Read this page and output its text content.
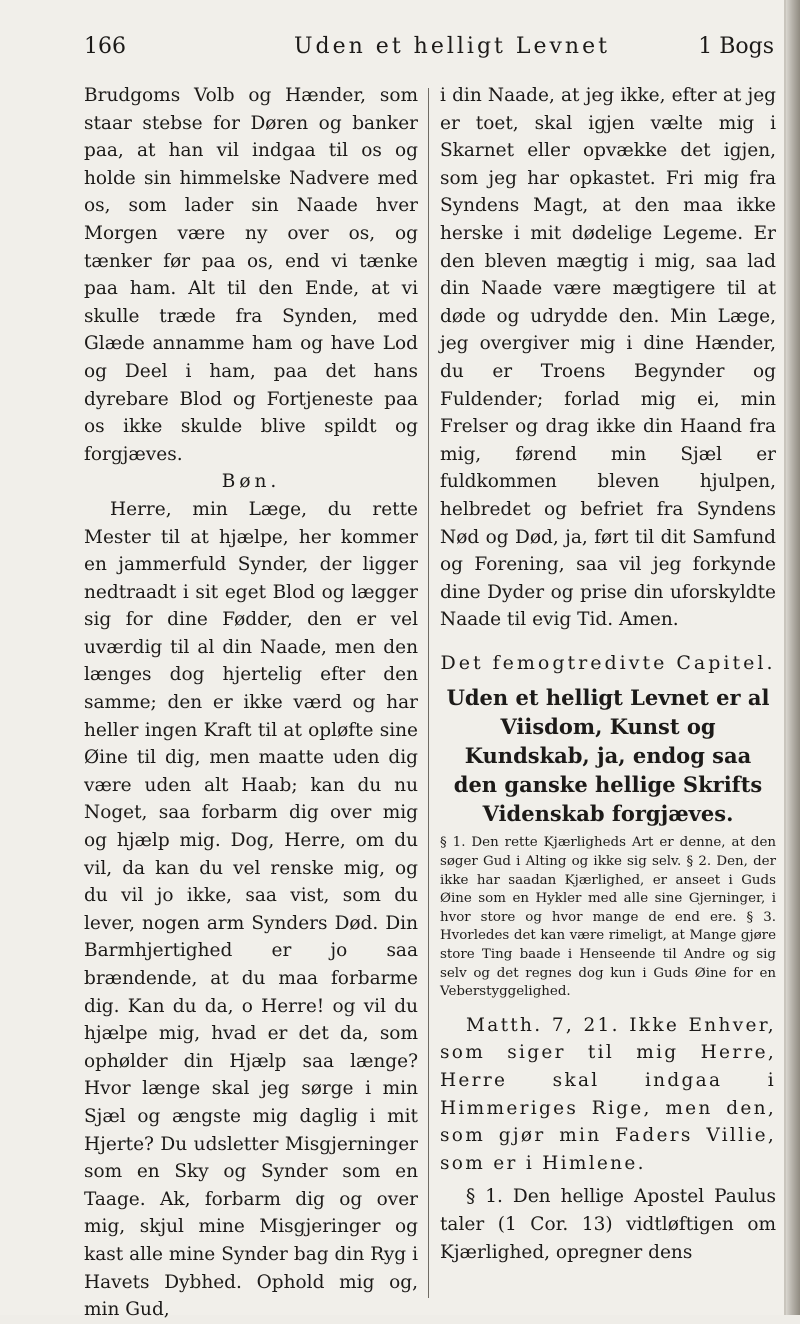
166	Uden et helligt Levnet	1 Bogs

Brudgoms Volb og Hænder, som staar stebse for Døren og banker paa, at han vil indgaa til os og holde sin himmelske Nadvere med os, som lader sin Naade hver Morgen være ny over os, og tænker før paa os, end vi tænke paa ham. Alt til den Ende, at vi skulle træde fra Synden, med Glæde annamme ham og have Lod og Deel i ham, paa det hans dyrebare Blod og Fortjeneste paa os ikke skulde blive spildt og forgjæves.

Bøn.

Herre, min Læge, du rette Mester til at hjælpe, her kommer en jammerfuld Synder, der ligger nedtraadt i sit eget Blod og lægger sig for dine Fødder, den er vel uværdig til al din Naade, men den længes dog hjertelig efter den samme; den er ikke værd og har heller ingen Kraft til at opløfte sine Øine til dig, men maatte uden dig være uden alt Haab; kan du nu Noget, saa forbarm dig over mig og hjælp mig. Dog, Herre, om du vil, da kan du vel renske mig, og du vil jo ikke, saa vist, som du lever, nogen arm Synders Død. Din Barmhjertighed er jo saa brændende, at du maa forbarme dig. Kan du da, o Herre! og vil du hjælpe mig, hvad er det da, som ophølder din Hjælp saa længe? Hvor længe skal jeg sørge i min Sjæl og ængste mig daglig i mit Hjerte? Du udsletter Misgjerninger som en Sky og Synder som en Taage. Ak, forbarm dig og over mig, skjul mine Misgjeringer og kast alle mine Synder bag din Ryg i Havets Dybhed. Ophold mig og, min Gud,

i din Naade, at jeg ikke, efter at jeg er toet, skal igjen vælte mig i Skarnet eller opvække det igjen, som jeg har opkastet. Fri mig fra Syndens Magt, at den maa ikke herske i mit dødelige Legeme. Er den bleven mægtig i mig, saa lad din Naade være mægtigere til at døde og udrydde den. Min Læge, jeg overgiver mig i dine Hænder, du er Troens Begynder og Fuldender; forlad mig ei, min Frelser og drag ikke din Haand fra mig, førend min Sjæl er fuldkommen bleven hjulpen, helbredet og befriet fra Syndens Nød og Død, ja, ført til dit Samfund og Forening, saa vil jeg forkynde dine Dyder og prise din uforskyldte Naade til evig Tid. Amen.

Det femogtredivte Capitel.

Uden et helligt Levnet er al Viisdom, Kunst og Kundskab, ja, endog saa den ganske hellige Skrifts Videnskab forgjæves.

§ 1. Den rette Kjærligheds Art er denne, at den søger Gud i Alting og ikke sig selv. § 2. Den, der ikke har saadan Kjærlighed, er anseet i Guds Øine som en Hykler med alle sine Gjerninger, i hvor store og hvor mange de end ere. § 3. Hvorledes det kan være rimeligt, at Mange gjøre store Ting baade i Henseende til Andre og sig selv og det regnes dog kun i Guds Øine for en Veberstyggelighed.

Matth. 7, 21. Ikke Enhver, som siger til mig Herre, Herre skal indgaa i Himmeriges Rige, men den, som gjør min Faders Villie, som er i Himlene.

§ 1. Den hellige Apostel Paulus taler (1 Cor. 13) vidtløftigen om Kjærlighed, opregner dens
